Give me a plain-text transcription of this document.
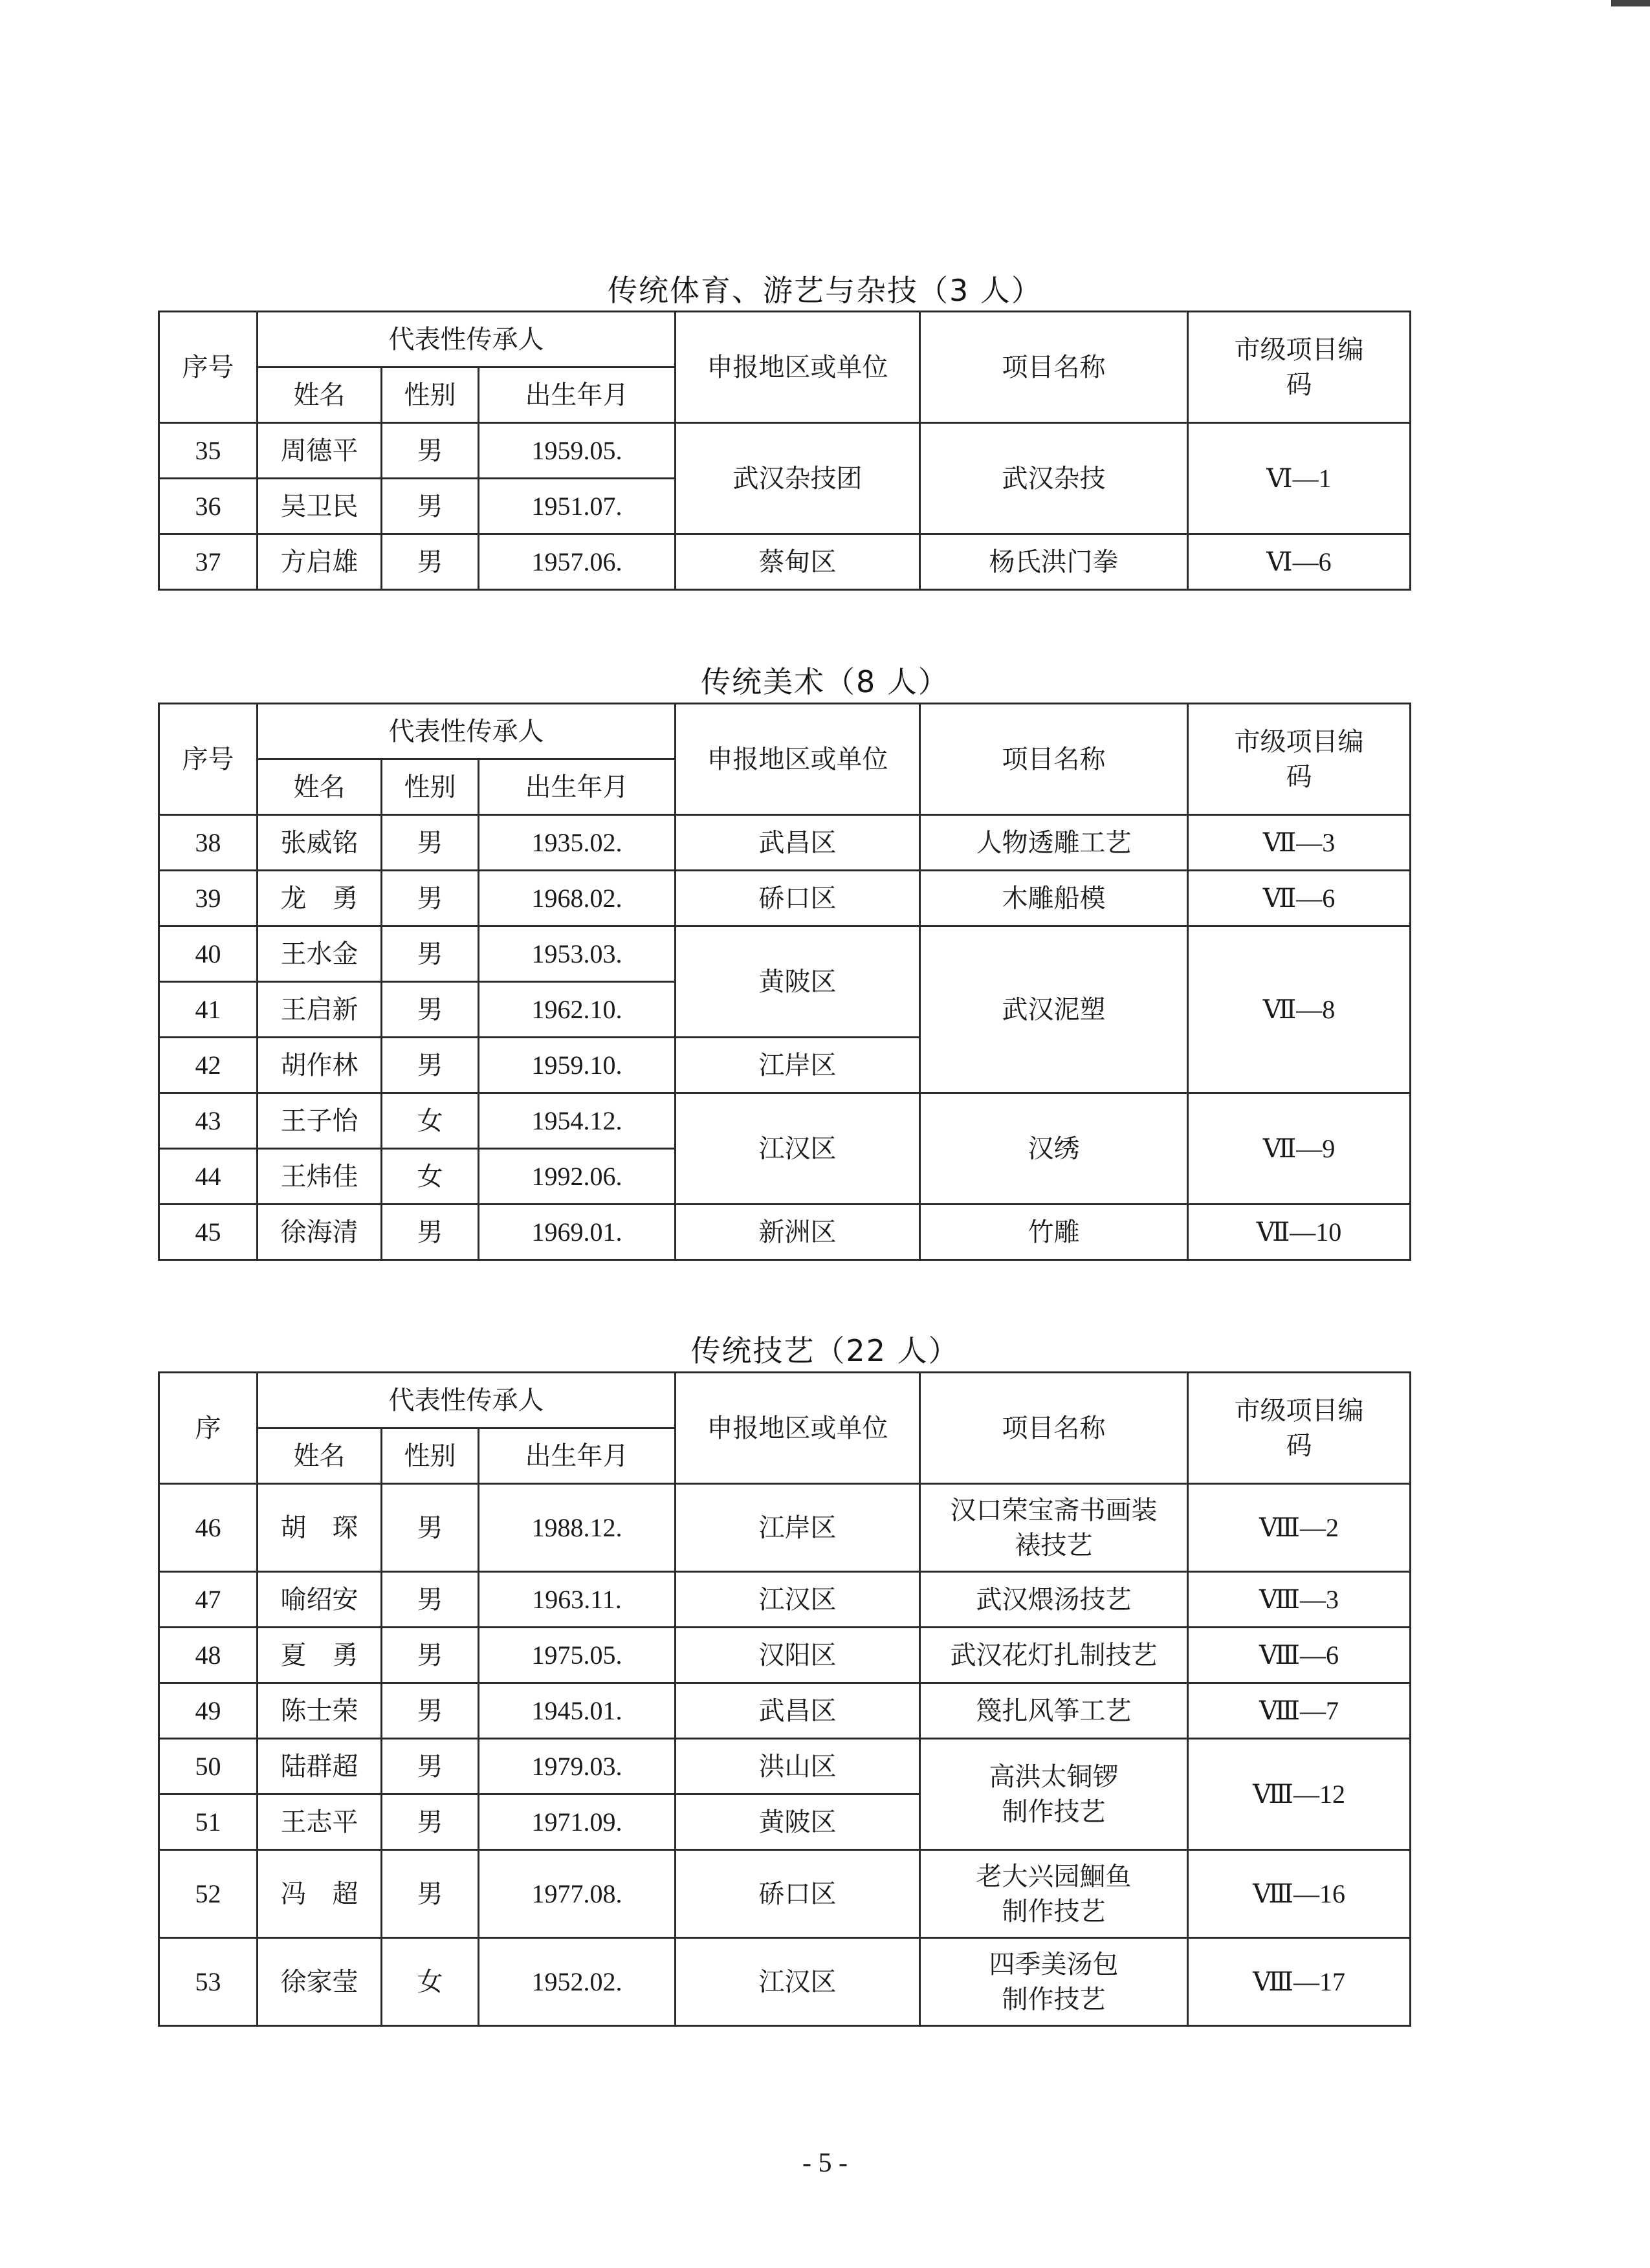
传统体育、游艺与杂技（3 人）
序号	代表性传承人			申报地区或单位	项目名称	市级项目编
码
	姓名	性别	出生年月			
35	周德平	男	1959.05.	武汉杂技团	武汉杂技	Ⅵ—1
36	吴卫民	男	1951.07.			
37	方启雄	男	1957.06.	蔡甸区	杨氏洪门拳	Ⅵ—6
传统美术（8 人）
序号	代表性传承人			申报地区或单位	项目名称	市级项目编
码
	姓名	性别	出生年月			
38	张威铭	男	1935.02.	武昌区	人物透雕工艺	Ⅶ—3
39	龙　勇	男	1968.02.	硚口区	木雕船模	Ⅶ—6
40	王水金	男	1953.03.	黄陂区	武汉泥塑	Ⅶ—8
41	王启新	男	1962.10.			
42	胡作林	男	1959.10.	江岸区		
43	王子怡	女	1954.12.	江汉区	汉绣	Ⅶ—9
44	王炜佳	女	1992.06.			
45	徐海清	男	1969.01.	新洲区	竹雕	Ⅶ—10
传统技艺（22 人）
序	代表性传承人			申报地区或单位	项目名称	市级项目编
码
	姓名	性别	出生年月			
46	胡　琛	男	1988.12.	江岸区	汉口荣宝斋书画装
裱技艺	Ⅷ—2
47	喻绍安	男	1963.11.	江汉区	武汉煨汤技艺	Ⅷ—3
48	夏　勇	男	1975.05.	汉阳区	武汉花灯扎制技艺	Ⅷ—6
49	陈士荣	男	1945.01.	武昌区	篾扎风筝工艺	Ⅷ—7
50	陆群超	男	1979.03.	洪山区	高洪太铜锣
制作技艺	Ⅷ—12
51	王志平	男	1971.09.	黄陂区		
52	冯　超	男	1977.08.	硚口区	老大兴园鮰鱼
制作技艺	Ⅷ—16
53	徐家莹	女	1952.02.	江汉区	四季美汤包
制作技艺	Ⅷ—17
- 5 -
